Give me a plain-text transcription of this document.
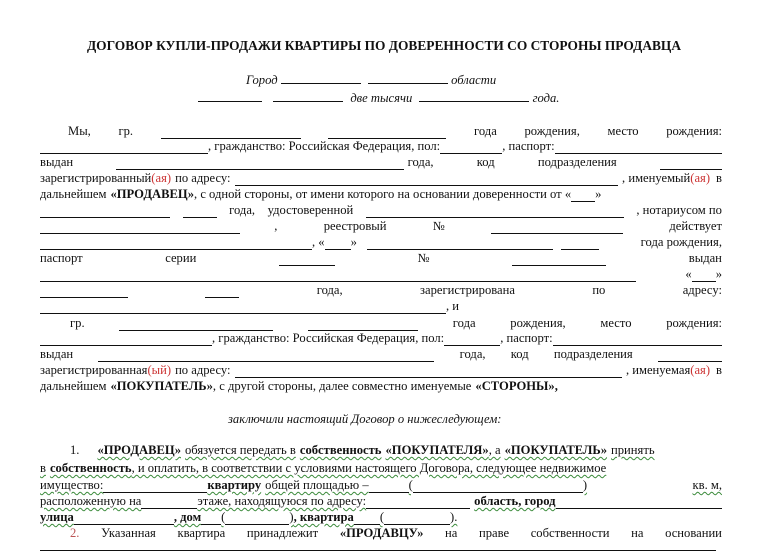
ДОГОВОР КУПЛИ-ПРОДАЖИ КВАРТИРЫ ПО ДОВЕРЕННОСТИ СО СТОРОНЫ ПРОДАВЦА
Город	области
две тысячи	года.
Мы, гр.	года рождения, место рождения:
, гражданство: Российская Федерация, пол:	, паспорт:
выдан	года,	код	подразделения
зарегистрированный (ая) по адресу:	, именуемый (ая) в
дальнейшем «ПРОДАВЕЦ» , с одной стороны, от имени которого на основании доверенности от « »
года, удостоверенной	, нотариусом по
,	реестровый	№	действует
, « »	года рождения,
паспорт	серии	№	выдан
« »
года,	зарегистрирована	по	адресу:
, и
гр.	года	рождения,	место	рождения:
, гражданство: Российская Федерация, пол:	, паспорт:
выдан	года, код подразделения
зарегистрированная (ый) по адресу:	, именуемая (ая) в
дальнейшем «ПОКУПАТЕЛЬ» , с другой стороны, далее совместно именуемые «СТОРОНЫ» ,
заключили настоящий Договор о нижеследующем:
1. «ПРОДАВЕЦ» обязуется передать в собственность «ПОКУПАТЕЛЯ» , а «ПОКУПАТЕЛЬ» принять
в собственность , и оплатить, в соответствии с условиями настоящего Договора, следующее недвижимое
имущество:	квартиру общей площадью –	(	)	кв. м,
расположенную на	этаже, находящуюся по адресу:	область, город
улица	, дом (	) , квартира (	).
2. Указанная квартира принадлежит «ПРОДАВЦУ» на праве собственности на основании
